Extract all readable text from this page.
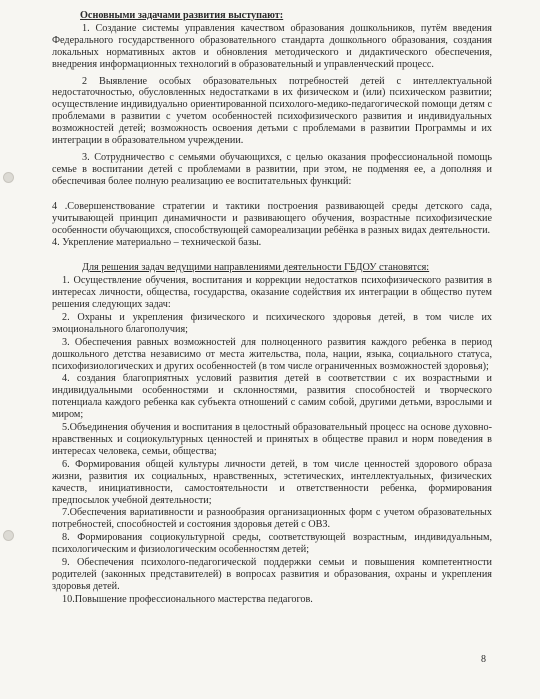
Основными задачами развития выступают:

1. Создание системы управления качеством образования дошкольников, путём введения Федерального государственного образовательного стандарта дошкольного образования, создания локальных нормативных актов и обновления методического и дидактического обеспечения, внедрения информационных технологий в образовательный и управленческий процесс.

2 Выявление особых образовательных потребностей детей с интеллектуальной недостаточностью, обусловленных недостатками в их физическом и (или) психическом развитии; осуществление индивидуально ориентированной психолого-медико-педагогической помощи детям с проблемами в развитии с учетом особенностей психофизического развития и индивидуальных возможностей детей; возможность освоения детьми с проблемами в развитии Программы и их интеграции в образовательном учреждении.

3. Сотрудничество с семьями обучающихся, с целью оказания профессиональной помощь семье в воспитании детей с проблемами в развитии, при этом, не подменяя ее, а дополняя и обеспечивая более полную реализацию ее воспитательных функций:

4 .Совершенствование стратегии и тактики построения развивающей среды детского сада, учитывающей принцип динамичности и развивающего обучения, возрастные психофизические особенности обучающихся, способствующей самореализации ребёнка в разных видах деятельности.

4. Укрепление материально – технической базы.

Для решения задач ведущими направлениями деятельности ГБДОУ становятся:

1. Осуществление обучения, воспитания и коррекции недостатков психофизического развития в интересах личности, общества, государства, оказание содействия их интеграции в общество путем решения следующих задач:

2. Охраны и укрепления физического и психического здоровья детей, в том числе их эмоционального благополучия;

3. Обеспечения равных возможностей для полноценного развития каждого ребенка в период дошкольного детства независимо от места жительства, пола, нации, языка, социального статуса, психофизиологических и других особенностей (в том числе ограниченных возможностей здоровья);

4. создания благоприятных условий развития детей в соответствии с их возрастными и индивидуальными особенностями и склонностями, развития способностей и творческого потенциала каждого ребенка как субъекта отношений с самим собой, другими детьми, взрослыми и миром;

5.Объединения обучения и воспитания в целостный образовательный процесс на основе духовно-нравственных и социокультурных ценностей и принятых в обществе правил и норм поведения в интересах человека, семьи, общества;

6. Формирования общей культуры личности детей, в том числе ценностей здорового образа жизни, развития их социальных, нравственных, эстетических, интеллектуальных, физических качеств, инициативности, самостоятельности и ответственности ребенка, формирования предпосылок учебной деятельности;

7.Обеспечения вариативности и разнообразия организационных форм с учетом образовательных потребностей, способностей и состояния здоровья детей с ОВЗ.

8. Формирования социокультурной среды, соответствующей возрастным, индивидуальным, психологическим и физиологическим особенностям детей;

9. Обеспечения психолого-педагогической поддержки семьи и повышения компетентности родителей (законных представителей) в вопросах развития и образования, охраны и укрепления здоровья детей.

10.Повышение профессионального мастерства педагогов.

8
